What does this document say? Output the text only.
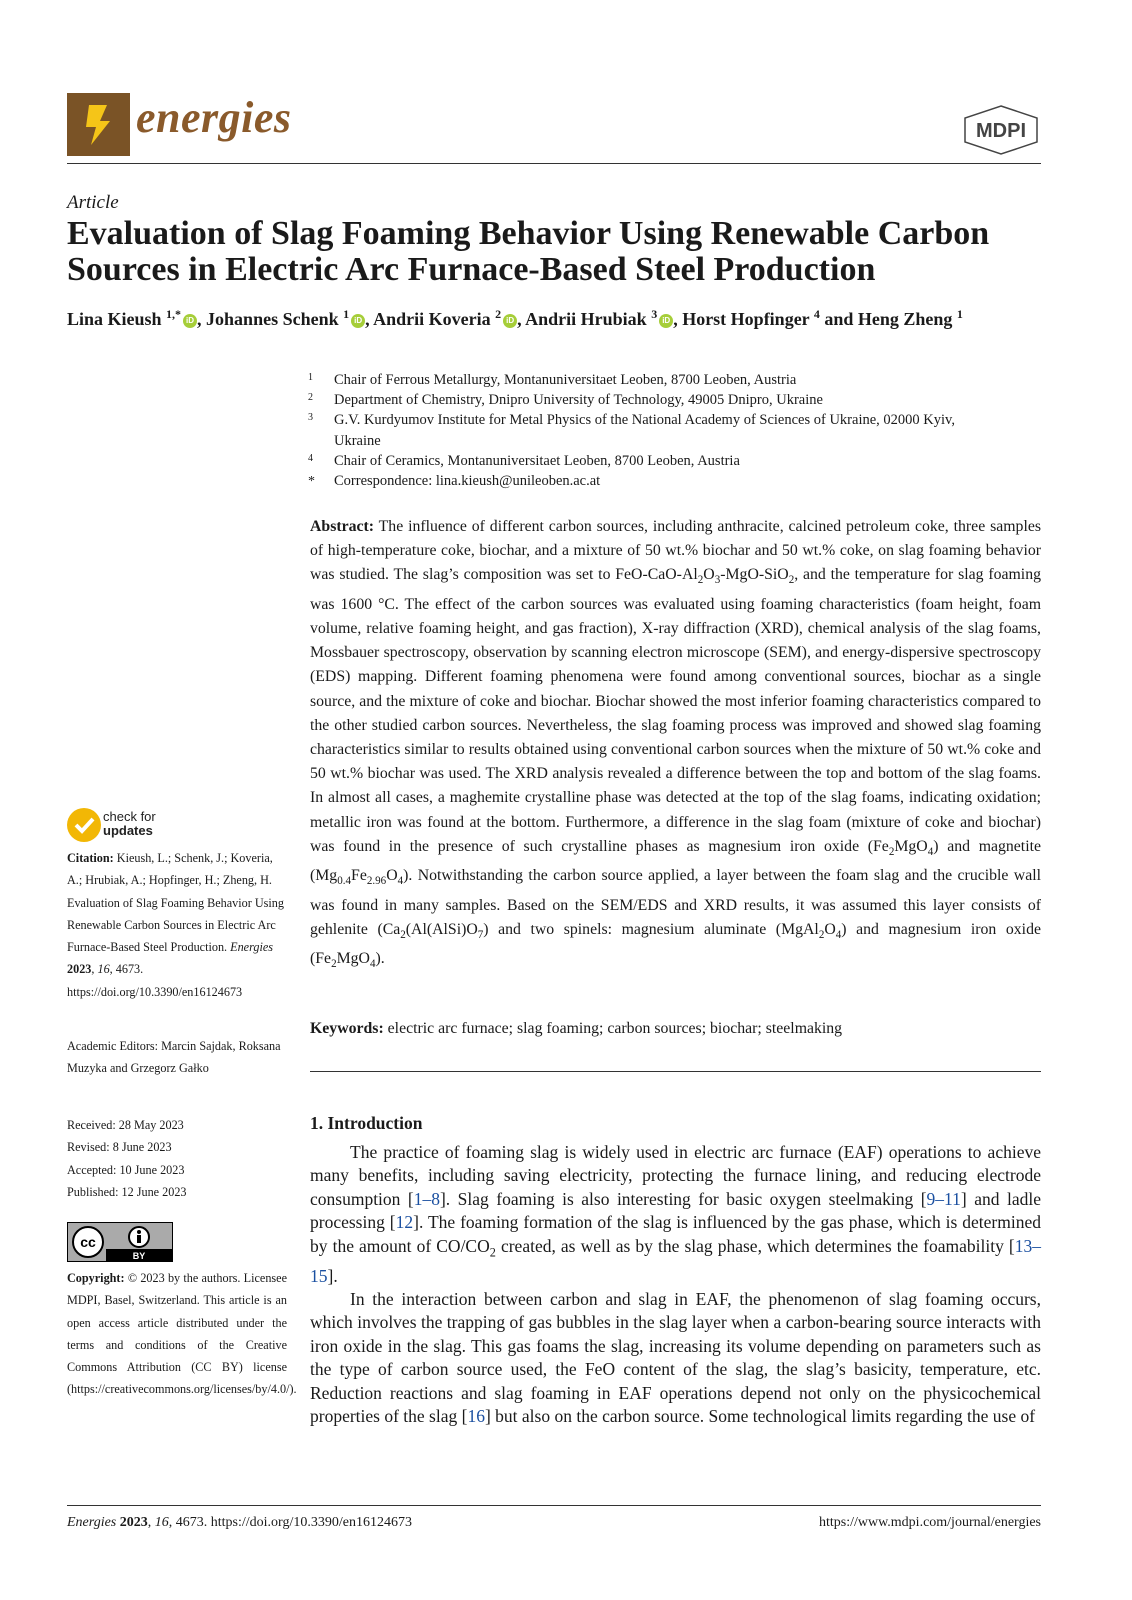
energies	MDPI
Article
Evaluation of Slag Foaming Behavior Using Renewable Carbon Sources in Electric Arc Furnace-Based Steel Production
Lina Kieush $^{1,*}$ iD , Johannes Schenk $^1$ iD , Andrii Koveria $^2$ iD , Andrii Hrubiak $^3$ iD , Horst Hopfinger $^4$ and Heng Zheng $^1$
1 Chair of Ferrous Metallurgy, Montanuniversitaet Leoben, 8700 Leoben, Austria
2 Department of Chemistry, Dnipro University of Technology, 49005 Dnipro, Ukraine
3 G.V. Kurdyumov Institute for Metal Physics of the National Academy of Sciences of Ukraine, 02000 Kyiv, Ukraine
4 Chair of Ceramics, Montanuniversitaet Leoben, 8700 Leoben, Austria
* Correspondence: lina.kieush@unileoben.ac.at
Abstract: The influence of different carbon sources, including anthracite, calcined petroleum coke, three samples of high-temperature coke, biochar, and a mixture of 50 wt.% biochar and 50 wt.% coke, on slag foaming behavior was studied. The slag’s composition was set to FeO-$CaO-Al_2O_3-MgO-SiO_2$, and the temperature for slag foaming was 1600 °C. The effect of the carbon sources was evaluated using foaming characteristics (foam height, foam volume, relative foaming height, and gas fraction), X-ray diffraction (XRD), chemical analysis of the slag foams, Mossbauer spectroscopy, observation by scanning electron microscope (SEM), and energy-dispersive spectroscopy (EDS) mapping. Different foaming phenomena were found among conventional sources, biochar as a single source, and the mixture of coke and biochar. Biochar showed the most inferior foaming characteristics compared to the other studied carbon sources. Nevertheless, the slag foaming process was improved and showed slag foaming characteristics similar to results obtained using conventional carbon sources when the mixture of 50 wt.% coke and 50 wt.% biochar was used. The XRD analysis revealed a difference between the top and bottom of the slag foams. In almost all cases, a maghemite crystalline phase was detected at the top of the slag foams, indicating oxidation; metallic iron was found at the bottom. Furthermore, a difference in the slag foam (mixture of coke and biochar) was found in the presence of such crystalline phases as magnesium iron oxide $(Fe_2MgO_4)$ and magnetite $(Mg_{0.4}Fe_{2.96}O_4)$. Notwithstanding the carbon source applied, a layer between the foam slag and the crucible wall was found in many samples. Based on the SEM/EDS and XRD results, it was assumed this layer consists of gehlenite ($Ca_2(Al(AlSi)O_7)$ and two spinels: magnesium aluminate $(MgAl_2O_4)$ and magnesium iron oxide $(Fe_2MgO_4)$.
Keywords: electric arc furnace; slag foaming; carbon sources; biochar; steelmaking
1. Introduction

The practice of foaming slag is widely used in electric arc furnace (EAF) operations to achieve many benefits, including saving electricity, protecting the furnace lining, and reducing electrode consumption [1–8]. Slag foaming is also interesting for basic oxygen steelmaking [9–11] and ladle processing [12]. The foaming formation of the slag is influenced by the gas phase, which is determined by the amount of $CO/CO_2$ created, as well as by the slag phase, which determines the foamability [13–15].

In the interaction between carbon and slag in EAF, the phenomenon of slag foaming occurs, which involves the trapping of gas bubbles in the slag layer when a carbon-bearing source interacts with iron oxide in the slag. This gas foams the slag, increasing its volume depending on parameters such as the type of carbon source used, the FeO content of the slag, the slag’s basicity, temperature, etc. Reduction reactions and slag foaming in EAF operations depend not only on the physicochemical properties of the slag [16] but also on the carbon source. Some technological limits regarding the use of

check for
updates
Citation: Kieush, L.; Schenk, J.; Koveria, A.; Hrubiak, A.; Hopfinger, H.; Zheng, H. Evaluation of Slag Foaming Behavior Using Renewable Carbon Sources in Electric Arc Furnace-Based Steel Production. Energies 2023, 16, 4673. https://doi.org/10.3390/en16124673
Academic Editors: Marcin Sajdak, Roksana Muzyka and Grzegorz Gałko
Received: 28 May 2023
Revised: 8 June 2023
Accepted: 10 June 2023
Published: 12 June 2023
cc
BY
Copyright: © 2023 by the authors. Licensee MDPI, Basel, Switzerland. This article is an open access article distributed under the terms and conditions of the Creative Commons Attribution (CC BY) license (https://creativecommons.org/licenses/by/4.0/).
Energies 2023, 16, 4673. https://doi.org/10.3390/en16124673	https://www.mdpi.com/journal/energies
